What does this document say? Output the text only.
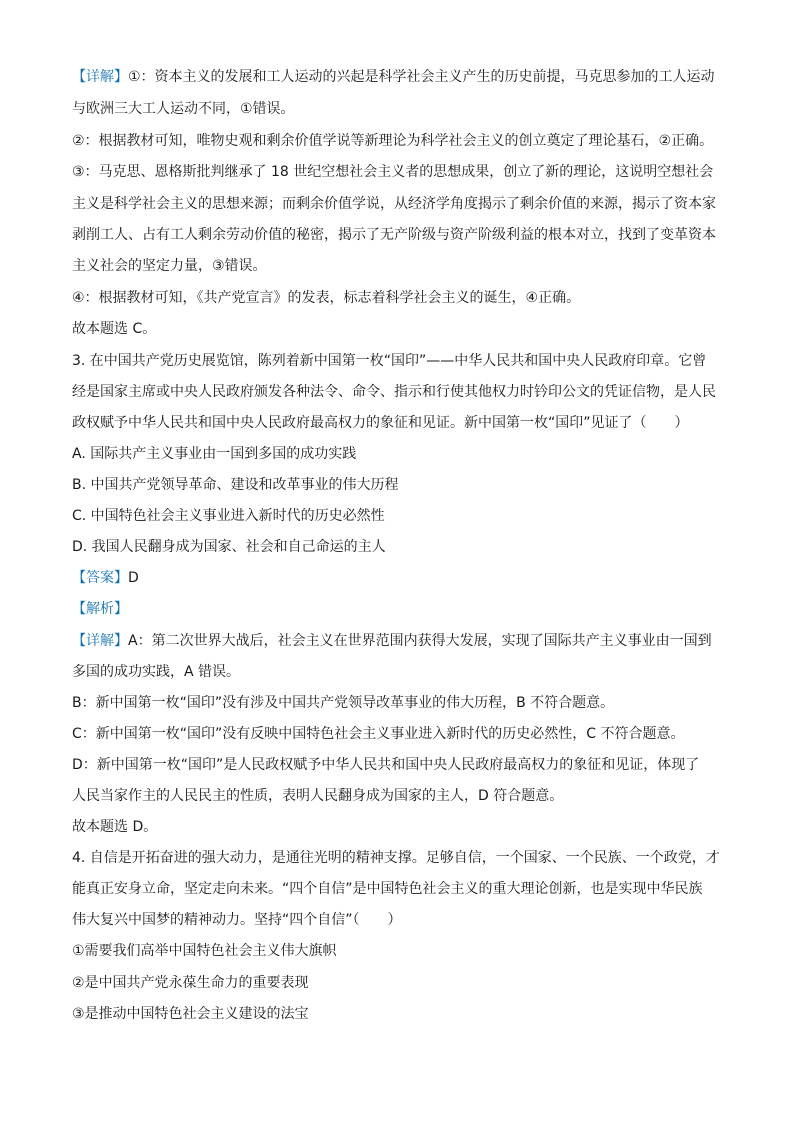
【详解】①：资本主义的发展和工人运动的兴起是科学社会主义产生的历史前提，马克思参加的工人运动
与欧洲三大工人运动不同，①错误。
②：根据教材可知，唯物史观和剩余价值学说等新理论为科学社会主义的创立奠定了理论基石，②正确。
③：马克思、恩格斯批判继承了 18 世纪空想社会主义者的思想成果，创立了新的理论，这说明空想社会
主义是科学社会主义的思想来源；而剩余价值学说，从经济学角度揭示了剩余价值的来源，揭示了资本家
剥削工人、占有工人剩余劳动价值的秘密，揭示了无产阶级与资产阶级利益的根本对立，找到了变革资本
主义社会的坚定力量，③错误。
④：根据教材可知，《共产党宣言》的发表，标志着科学社会主义的诞生，④正确。
故本题选 C。
3. 在中国共产党历史展览馆，陈列着新中国第一枚“国印”——中华人民共和国中央人民政府印章。它曾
经是国家主席或中央人民政府颁发各种法令、命令、指示和行使其他权力时钤印公文的凭证信物，是人民
政权赋予中华人民共和国中央人民政府最高权力的象征和见证。新中国第一枚“国印”见证了（　　）
A. 国际共产主义事业由一国到多国的成功实践
B. 中国共产党领导革命、建设和改革事业的伟大历程
C. 中国特色社会主义事业进入新时代的历史必然性
D. 我国人民翻身成为国家、社会和自己命运的主人
【答案】D
【解析】
【详解】A：第二次世界大战后，社会主义在世界范围内获得大发展，实现了国际共产主义事业由一国到
多国的成功实践，A 错误。
B：新中国第一枚“国印”没有涉及中国共产党领导改革事业的伟大历程，B 不符合题意。
C：新中国第一枚“国印”没有反映中国特色社会主义事业进入新时代的历史必然性，C 不符合题意。
D：新中国第一枚“国印”是人民政权赋予中华人民共和国中央人民政府最高权力的象征和见证，体现了
人民当家作主的人民民主的性质，表明人民翻身成为国家的主人，D 符合题意。
故本题选 D。
4. 自信是开拓奋进的强大动力，是通往光明的精神支撑。足够自信，一个国家、一个民族、一个政党，才
能真正安身立命，坚定走向未来。“四个自信”是中国特色社会主义的重大理论创新，也是实现中华民族
伟大复兴中国梦的精神动力。坚持“四个自信”（　　）
①需要我们高举中国特色社会主义伟大旗帜
②是中国共产党永葆生命力的重要表现
③是推动中国特色社会主义建设的法宝
